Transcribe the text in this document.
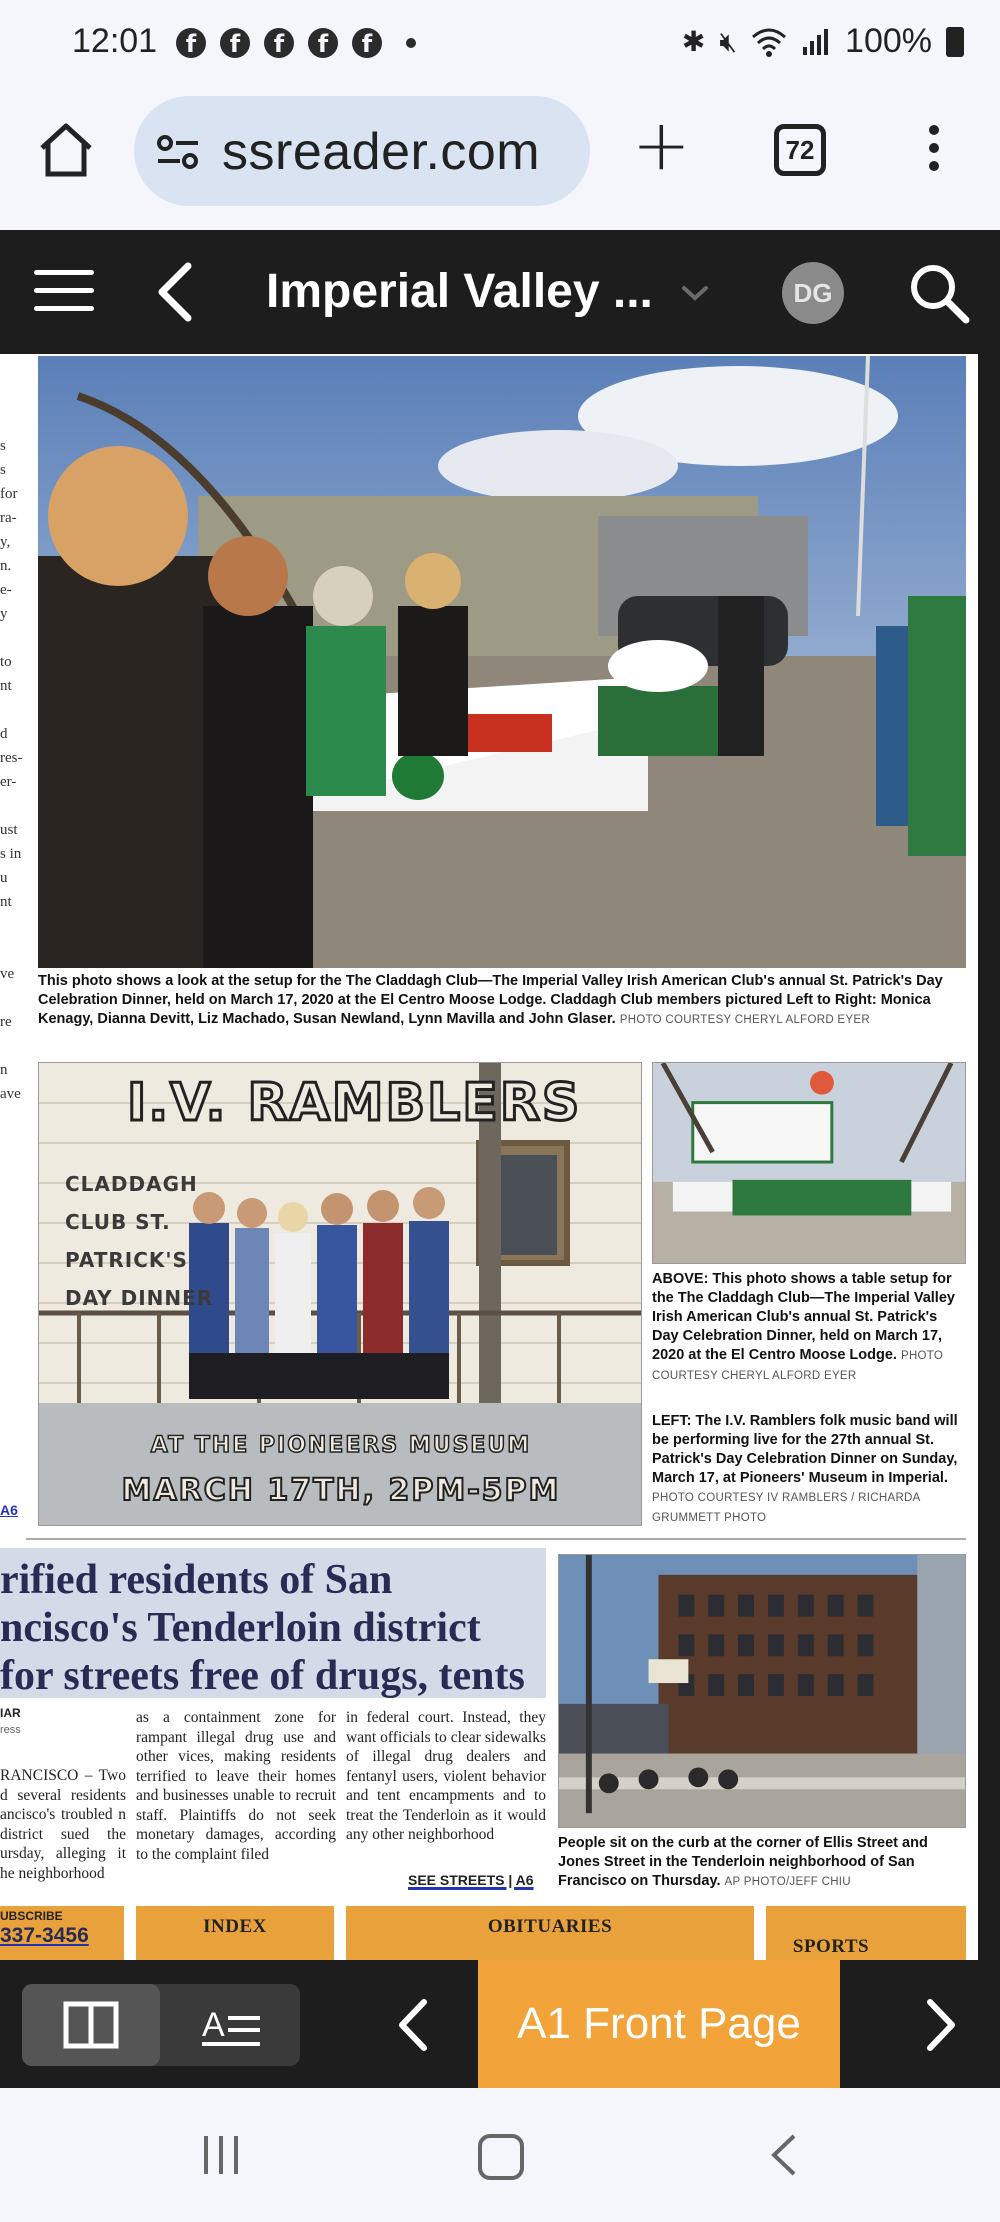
12:01	f	f	f	f	f	✱ 🔇︎	100%
ssreader.com +	72
Imperial Valley ...	DG
s
s
for
ra-
y,
n.
e-
y

to
nt

d
res-
er-

ust
s in
u
nt

ve

re

n
ave
This photo shows a look at the setup for the The Claddagh Club—The Imperial Valley Irish American Club's annual St. Patrick's Day Celebration Dinner, held on March 17, 2020 at the El Centro Moose Lodge. Claddagh Club members pictured Left to Right: Monica Kenagy, Dianna Devitt, Liz Machado, Susan Newland, Lynn Mavilla and John Glaser. PHOTO COURTESY CHERYL ALFORD EYER
I.V. RAMBLERS
CLADDAGH
CLUB ST.
PATRICK'S
DAY DINNER
AT THE PIONEERS MUSEUM
MARCH 17TH, 2PM-5PM
ABOVE: This photo shows a table setup for the The Claddagh Club—The Imperial Valley Irish American Club's annual St. Patrick's Day Celebration Dinner, held on March 17, 2020 at the El Centro Moose Lodge. PHOTO COURTESY CHERYL ALFORD EYER
LEFT: The I.V. Ramblers folk music band will be performing live for the 27th annual St. Patrick's Day Celebration Dinner on Sunday, March 17, at Pioneers' Museum in Imperial. PHOTO COURTESY IV RAMBLERS / RICHARDA GRUMMETT PHOTO
A6
rified residents of San
ncisco's Tenderloin district
for streets free of drugs, tents
People sit on the curb at the corner of Ellis Street and Jones Street in the Tenderloin neighborhood of San Francisco on Thursday. AP PHOTO/JEFF CHIU
IAR
ress
RANCISCO – Two d several residents ancisco's troubled n district sued the ursday, alleging it he neighborhood
as a containment zone for rampant illegal drug use and other vices, making residents terrified to leave their homes and businesses unable to recruit staff. Plaintiffs do not seek monetary damages, according to the complaint filed
in federal court. Instead, they want officials to clear sidewalks of illegal drug dealers and fentanyl users, violent behavior and tent encampments and to treat the Tenderloin as it would any other neighborhood
SEE STREETS | A6
UBSCRIBE
337-3456	INDEX	OBITUARIES
SPORTS
A	A1 Front Page
